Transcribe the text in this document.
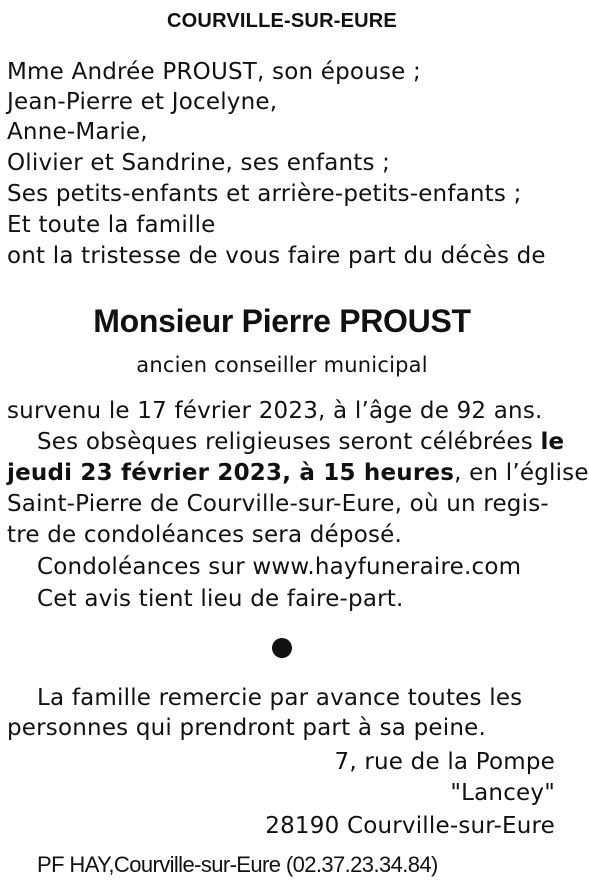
COURVILLE-SUR-EURE
Mme Andrée PROUST, son épouse ;
Jean-Pierre et Jocelyne,
Anne-Marie,
Olivier et Sandrine, ses enfants ;
Ses petits-enfants et arrière-petits-enfants ;
Et toute la famille
ont la tristesse de vous faire part du décès de
Monsieur Pierre PROUST
ancien conseiller municipal
survenu le 17 février 2023, à l’âge de 92 ans.
Ses obsèques religieuses seront célébrées le
jeudi 23 février 2023, à 15 heures, en l’église
Saint-Pierre de Courville-sur-Eure, où un regis-
tre de condoléances sera déposé.
Condoléances sur www.hayfuneraire.com
Cet avis tient lieu de faire-part.
La famille remercie par avance toutes les
personnes qui prendront part à sa peine.
7, rue de la Pompe
"Lancey"
28190 Courville-sur-Eure
PF HAY,Courville-sur-Eure (02.37.23.34.84)
